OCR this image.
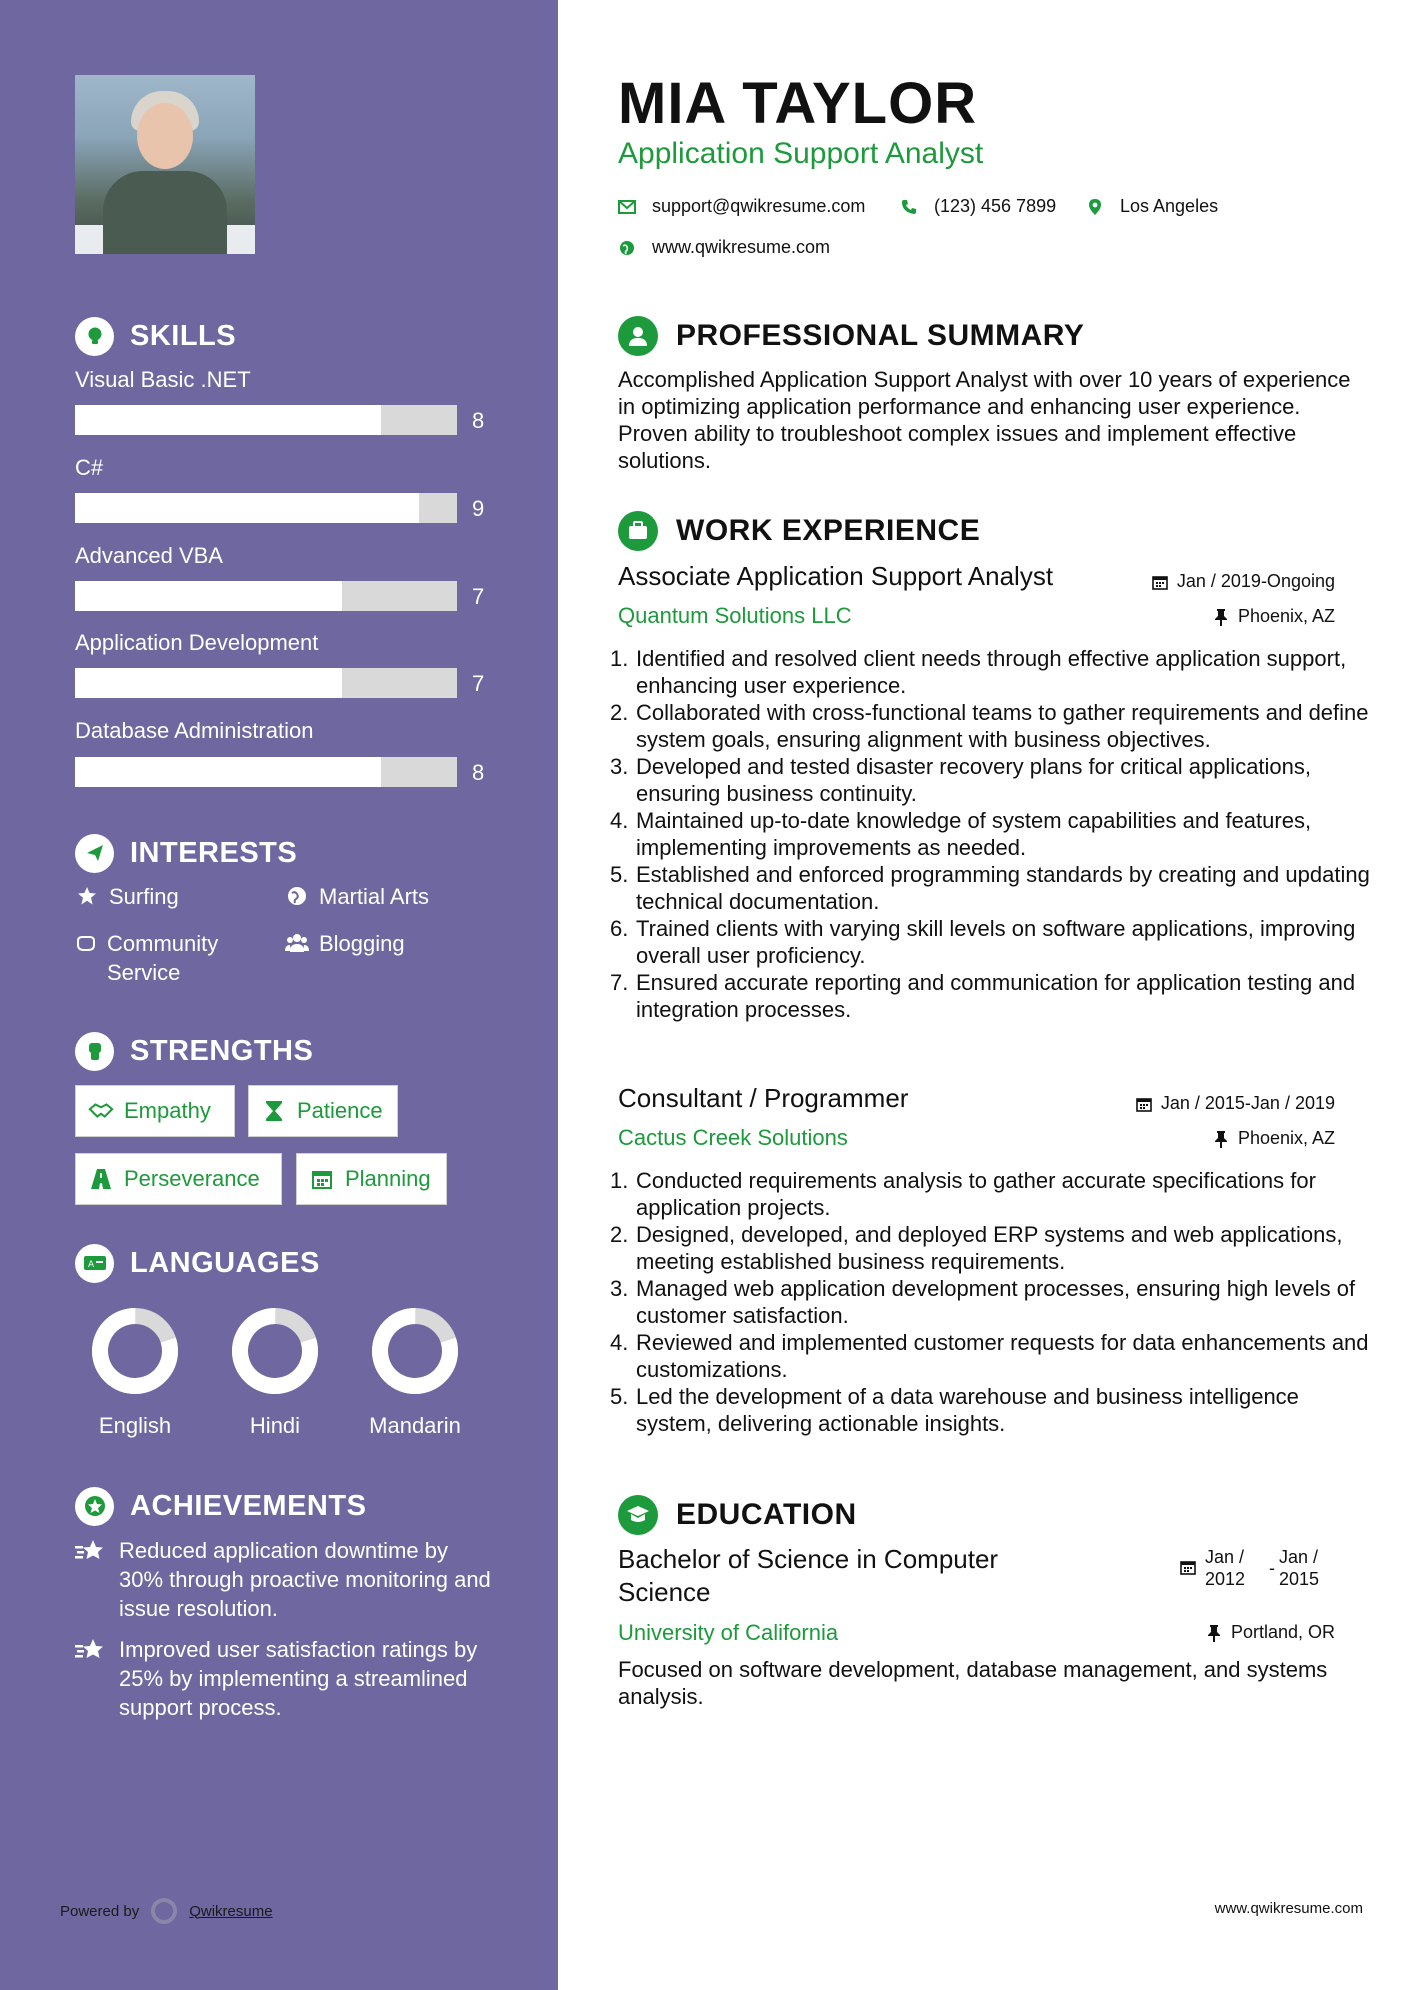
SKILLS
Visual Basic .NET
8
C#
9
Advanced VBA
7
Application Development
7
Database Administration
8
INTERESTS
Surfing	Martial Arts
Community Service
Blogging
STRENGTHS
Empathy	Patience
Perseverance	Planning
A LANGUAGES
English	Hindi	Mandarin
ACHIEVEMENTS
Reduced application downtime by 30% through proactive monitoring and issue resolution.
Improved user satisfaction ratings by 25% by implementing a streamlined support process.
Powered by	Qwikresume
MIA TAYLOR
Application Support Analyst
support@qwikresume.com	(123) 456 7899	Los Angeles
www.qwikresume.com
PROFESSIONAL SUMMARY
Accomplished Application Support Analyst with over 10 years of experience in optimizing application performance and enhancing user experience. Proven ability to troubleshoot complex issues and implement effective solutions.
WORK EXPERIENCE
Associate Application Support Analyst	Jan / 2019-Ongoing
Quantum Solutions LLC	Phoenix, AZ
1. Identified and resolved client needs through effective application support, enhancing user experience.
2. Collaborated with cross-functional teams to gather requirements and define system goals, ensuring alignment with business objectives.
3. Developed and tested disaster recovery plans for critical applications, ensuring business continuity.
4. Maintained up-to-date knowledge of system capabilities and features, implementing improvements as needed.
5. Established and enforced programming standards by creating and updating technical documentation.
6. Trained clients with varying skill levels on software applications, improving overall user proficiency.
7. Ensured accurate reporting and communication for application testing and integration processes.
Consultant / Programmer	Jan / 2015-Jan / 2019
Cactus Creek Solutions	Phoenix, AZ
1. Conducted requirements analysis to gather accurate specifications for application projects.
2. Designed, developed, and deployed ERP systems and web applications, meeting established business requirements.
3. Managed web application development processes, ensuring high levels of customer satisfaction.
4. Reviewed and implemented customer requests for data enhancements and customizations.
5. Led the development of a data warehouse and business intelligence system, delivering actionable insights.
EDUCATION
Bachelor of Science in Computer Science
Jan / 2012
-
Jan / 2015
University of California	Portland, OR
Focused on software development, database management, and systems analysis.
www.qwikresume.com
